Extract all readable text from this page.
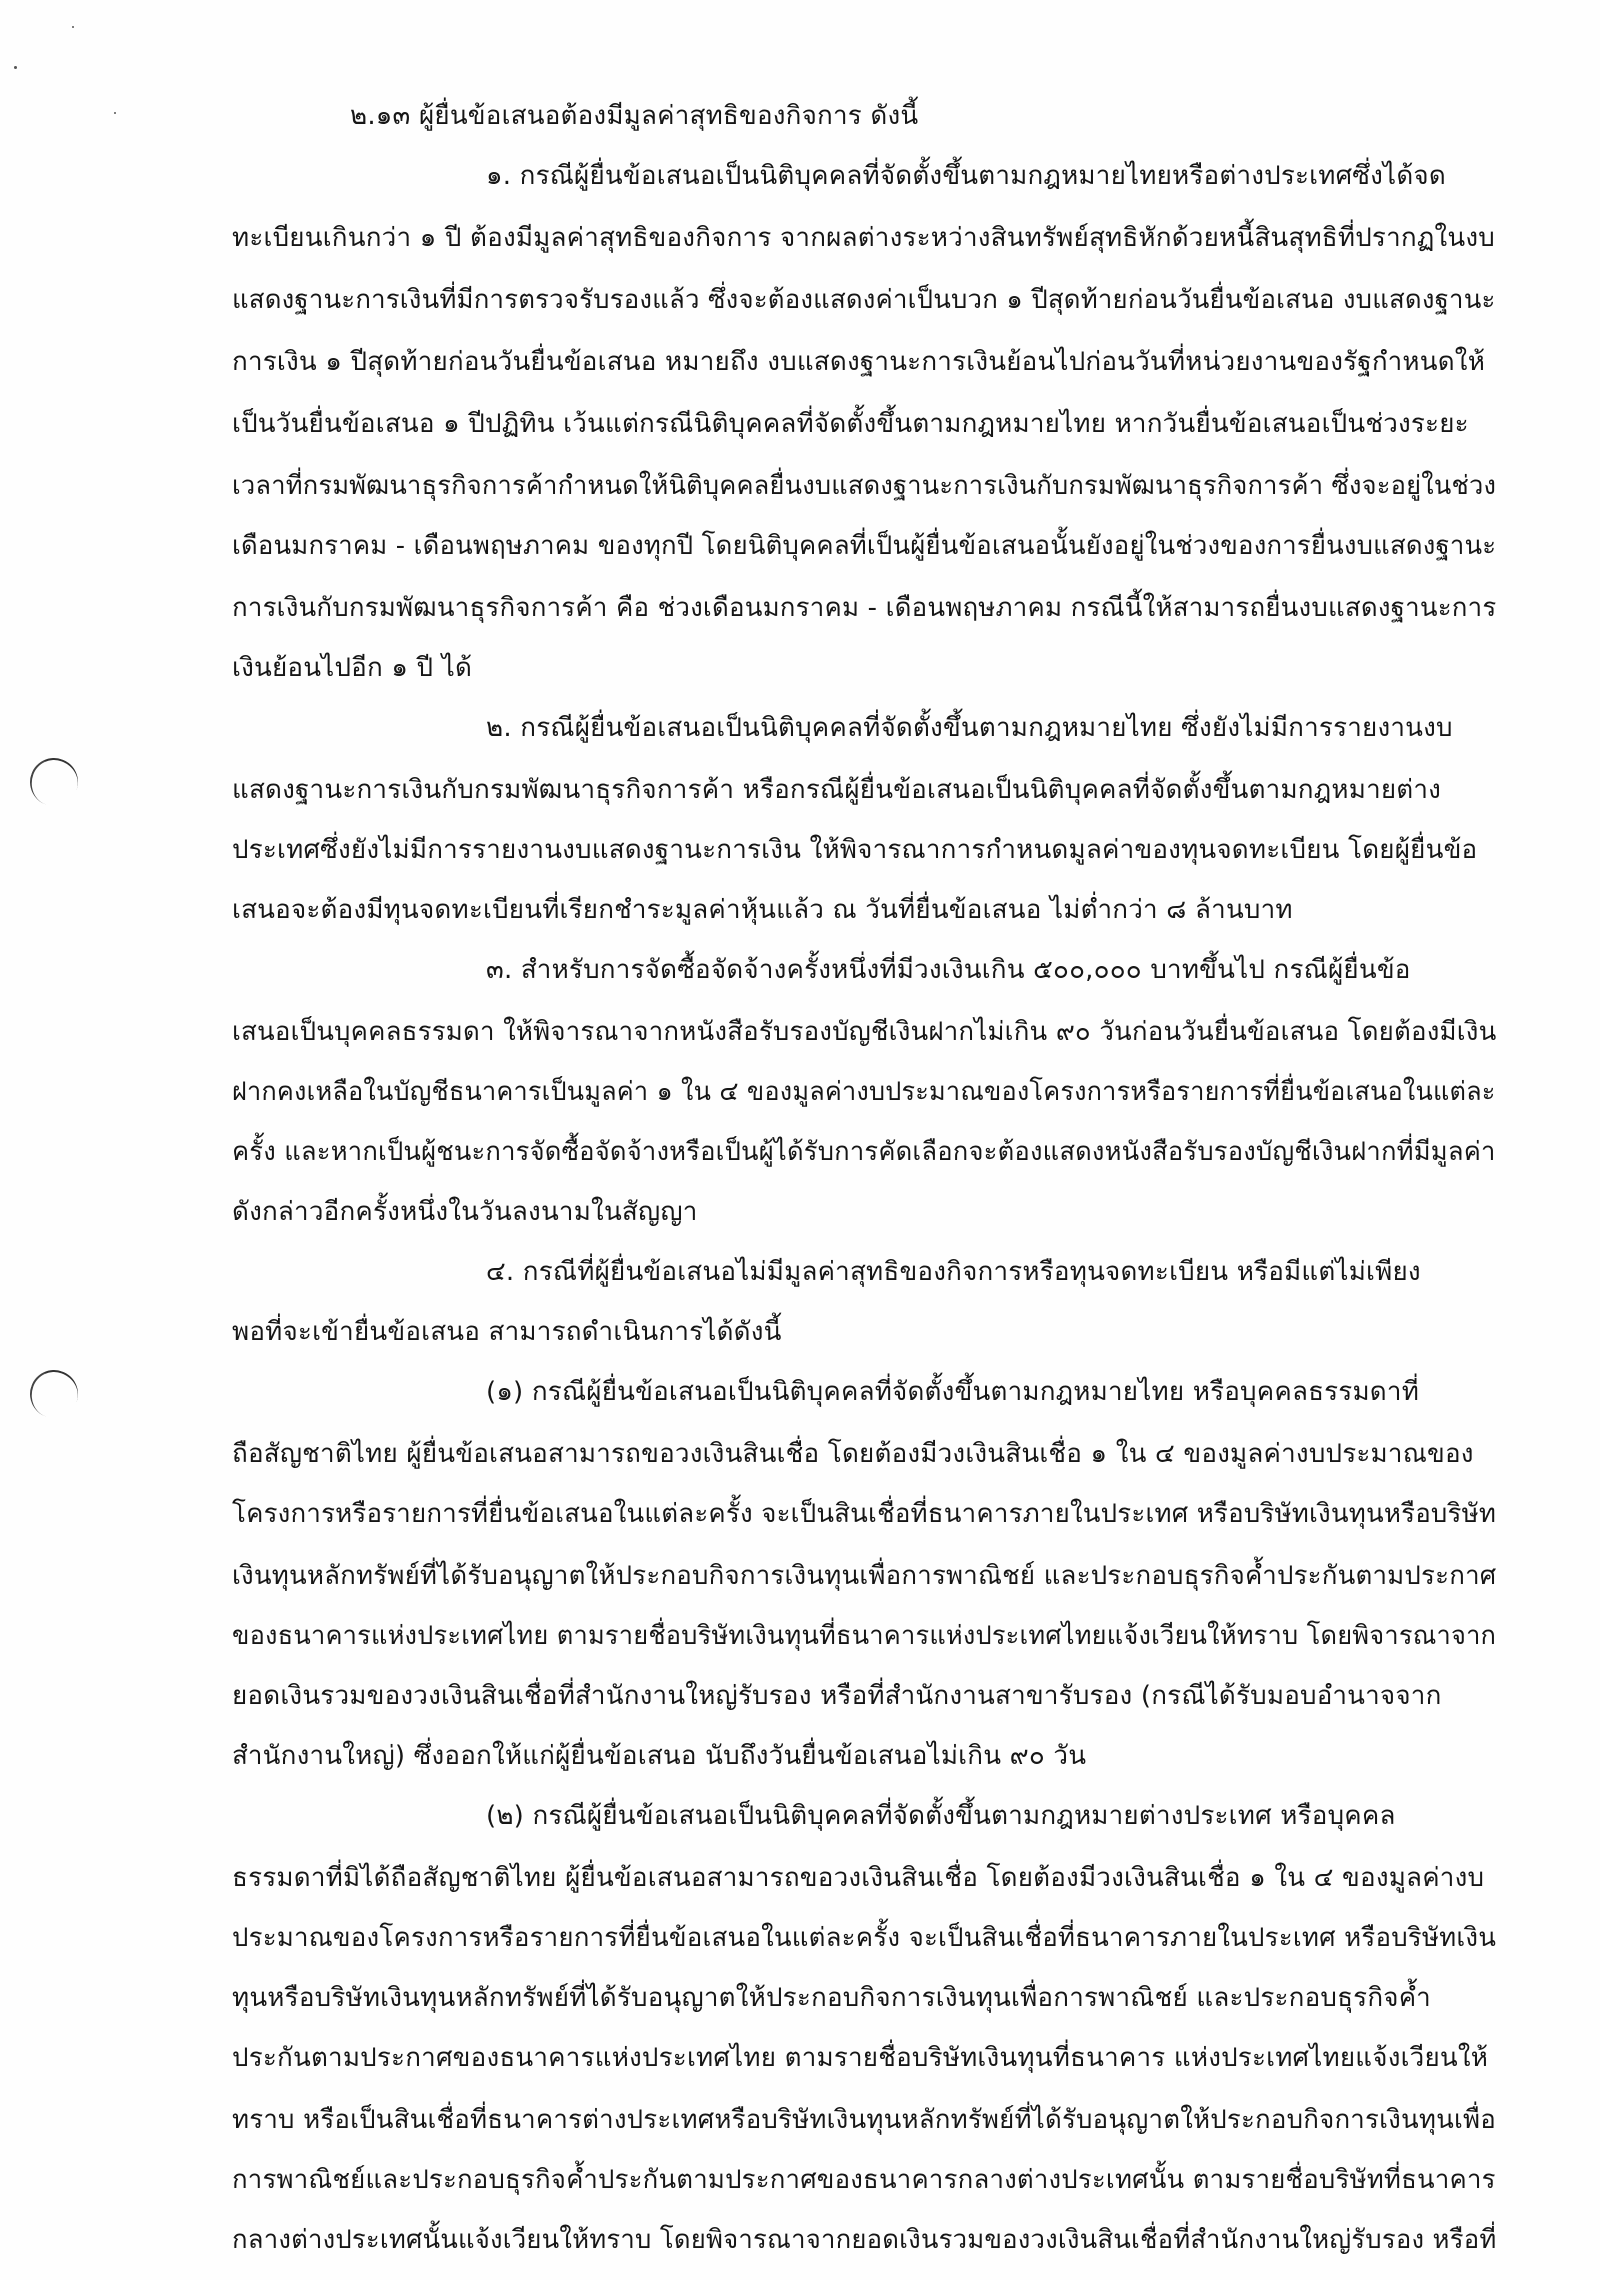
๒.๑๓ ผู้ยื่นข้อเสนอต้องมีมูลค่าสุทธิของกิจการ ดังนี้
๑. กรณีผู้ยื่นข้อเสนอเป็นนิติบุคคลที่จัดตั้งขึ้นตามกฎหมายไทยหรือต่างประเทศซึ่งได้จด
ทะเบียนเกินกว่า ๑ ปี ต้องมีมูลค่าสุทธิของกิจการ จากผลต่างระหว่างสินทรัพย์สุทธิหักด้วยหนี้สินสุทธิที่ปรากฏในงบ
แสดงฐานะการเงินที่มีการตรวจรับรองแล้ว ซึ่งจะต้องแสดงค่าเป็นบวก ๑ ปีสุดท้ายก่อนวันยื่นข้อเสนอ งบแสดงฐานะ
การเงิน ๑ ปีสุดท้ายก่อนวันยื่นข้อเสนอ หมายถึง งบแสดงฐานะการเงินย้อนไปก่อนวันที่หน่วยงานของรัฐกำหนดให้
เป็นวันยื่นข้อเสนอ ๑ ปีปฏิทิน เว้นแต่กรณีนิติบุคคลที่จัดตั้งขึ้นตามกฎหมายไทย หากวันยื่นข้อเสนอเป็นช่วงระยะ
เวลาที่กรมพัฒนาธุรกิจการค้ากำหนดให้นิติบุคคลยื่นงบแสดงฐานะการเงินกับกรมพัฒนาธุรกิจการค้า ซึ่งจะอยู่ในช่วง
เดือนมกราคม - เดือนพฤษภาคม ของทุกปี โดยนิติบุคคลที่เป็นผู้ยื่นข้อเสนอนั้นยังอยู่ในช่วงของการยื่นงบแสดงฐานะ
การเงินกับกรมพัฒนาธุรกิจการค้า คือ ช่วงเดือนมกราคม - เดือนพฤษภาคม กรณีนี้ให้สามารถยื่นงบแสดงฐานะการ
เงินย้อนไปอีก ๑ ปี ได้
๒. กรณีผู้ยื่นข้อเสนอเป็นนิติบุคคลที่จัดตั้งขึ้นตามกฎหมายไทย ซึ่งยังไม่มีการรายงานงบ
แสดงฐานะการเงินกับกรมพัฒนาธุรกิจการค้า หรือกรณีผู้ยื่นข้อเสนอเป็นนิติบุคคลที่จัดตั้งขึ้นตามกฎหมายต่าง
ประเทศซึ่งยังไม่มีการรายงานงบแสดงฐานะการเงิน ให้พิจารณาการกำหนดมูลค่าของทุนจดทะเบียน โดยผู้ยื่นข้อ
เสนอจะต้องมีทุนจดทะเบียนที่เรียกชำระมูลค่าหุ้นแล้ว ณ วันที่ยื่นข้อเสนอ ไม่ต่ำกว่า ๘ ล้านบาท
๓. สำหรับการจัดซื้อจัดจ้างครั้งหนึ่งที่มีวงเงินเกิน ๕๐๐,๐๐๐ บาทขึ้นไป กรณีผู้ยื่นข้อ
เสนอเป็นบุคคลธรรมดา ให้พิจารณาจากหนังสือรับรองบัญชีเงินฝากไม่เกิน ๙๐ วันก่อนวันยื่นข้อเสนอ โดยต้องมีเงิน
ฝากคงเหลือในบัญชีธนาคารเป็นมูลค่า ๑ ใน ๔ ของมูลค่างบประมาณของโครงการหรือรายการที่ยื่นข้อเสนอในแต่ละ
ครั้ง และหากเป็นผู้ชนะการจัดซื้อจัดจ้างหรือเป็นผู้ได้รับการคัดเลือกจะต้องแสดงหนังสือรับรองบัญชีเงินฝากที่มีมูลค่า
ดังกล่าวอีกครั้งหนึ่งในวันลงนามในสัญญา
๔. กรณีที่ผู้ยื่นข้อเสนอไม่มีมูลค่าสุทธิของกิจการหรือทุนจดทะเบียน หรือมีแต่ไม่เพียง
พอที่จะเข้ายื่นข้อเสนอ สามารถดำเนินการได้ดังนี้
(๑) กรณีผู้ยื่นข้อเสนอเป็นนิติบุคคลที่จัดตั้งขึ้นตามกฎหมายไทย หรือบุคคลธรรมดาที่
ถือสัญชาติไทย ผู้ยื่นข้อเสนอสามารถขอวงเงินสินเชื่อ โดยต้องมีวงเงินสินเชื่อ ๑ ใน ๔ ของมูลค่างบประมาณของ
โครงการหรือรายการที่ยื่นข้อเสนอในแต่ละครั้ง จะเป็นสินเชื่อที่ธนาคารภายในประเทศ หรือบริษัทเงินทุนหรือบริษัท
เงินทุนหลักทรัพย์ที่ได้รับอนุญาตให้ประกอบกิจการเงินทุนเพื่อการพาณิชย์ และประกอบธุรกิจค้ำประกันตามประกาศ
ของธนาคารแห่งประเทศไทย ตามรายชื่อบริษัทเงินทุนที่ธนาคารแห่งประเทศไทยแจ้งเวียนให้ทราบ โดยพิจารณาจาก
ยอดเงินรวมของวงเงินสินเชื่อที่สำนักงานใหญ่รับรอง หรือที่สำนักงานสาขารับรอง (กรณีได้รับมอบอำนาจจาก
สำนักงานใหญ่) ซึ่งออกให้แก่ผู้ยื่นข้อเสนอ นับถึงวันยื่นข้อเสนอไม่เกิน ๙๐ วัน
(๒) กรณีผู้ยื่นข้อเสนอเป็นนิติบุคคลที่จัดตั้งขึ้นตามกฎหมายต่างประเทศ หรือบุคคล
ธรรมดาที่มิได้ถือสัญชาติไทย ผู้ยื่นข้อเสนอสามารถขอวงเงินสินเชื่อ โดยต้องมีวงเงินสินเชื่อ ๑ ใน ๔ ของมูลค่างบ
ประมาณของโครงการหรือรายการที่ยื่นข้อเสนอในแต่ละครั้ง จะเป็นสินเชื่อที่ธนาคารภายในประเทศ หรือบริษัทเงิน
ทุนหรือบริษัทเงินทุนหลักทรัพย์ที่ได้รับอนุญาตให้ประกอบกิจการเงินทุนเพื่อการพาณิชย์ และประกอบธุรกิจค้ำ
ประกันตามประกาศของธนาคารแห่งประเทศไทย ตามรายชื่อบริษัทเงินทุนที่ธนาคาร แห่งประเทศไทยแจ้งเวียนให้
ทราบ หรือเป็นสินเชื่อที่ธนาคารต่างประเทศหรือบริษัทเงินทุนหลักทรัพย์ที่ได้รับอนุญาตให้ประกอบกิจการเงินทุนเพื่อ
การพาณิชย์และประกอบธุรกิจค้ำประกันตามประกาศของธนาคารกลางต่างประเทศนั้น ตามรายชื่อบริษัทที่ธนาคาร
กลางต่างประเทศนั้นแจ้งเวียนให้ทราบ โดยพิจารณาจากยอดเงินรวมของวงเงินสินเชื่อที่สำนักงานใหญ่รับรอง หรือที่
